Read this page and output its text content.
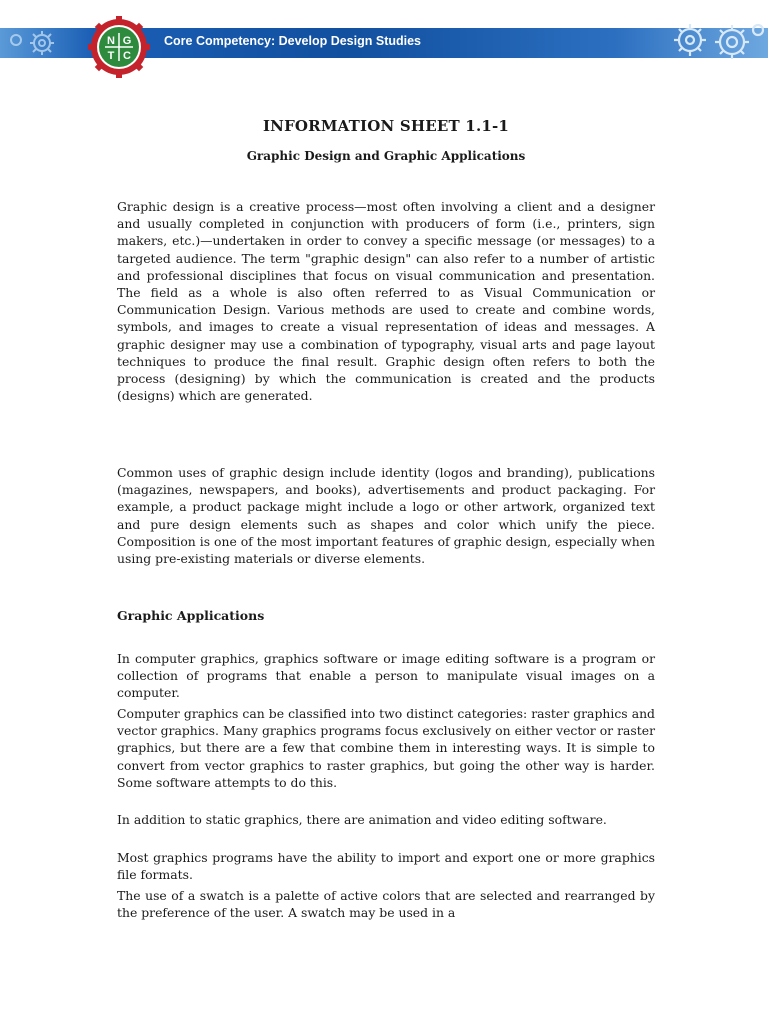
Core Competency: Develop Design Studies
N G
T C
INFORMATION SHEET 1.1-1
Graphic Design and Graphic Applications

Graphic design is a creative process—most often involving a client and a designer and usually completed in conjunction with producers of form (i.e., printers, sign makers, etc.)—undertaken in order to convey a specific message (or messages) to a targeted audience. The term "graphic design" can also refer to a number of artistic and professional disciplines that focus on visual communication and presentation. The field as a whole is also often referred to as Visual Communication or Communication Design. Various methods are used to create and combine words, symbols, and images to create a visual representation of ideas and messages. A graphic designer may use a combination of typography, visual arts and page layout techniques to produce the final result. Graphic design often refers to both the process (designing) by which the communication is created and the products (designs) which are generated.

Common uses of graphic design include identity (logos and branding), publications (magazines, newspapers, and books), advertisements and product packaging. For example, a product package might include a logo or other artwork, organized text and pure design elements such as shapes and color which unify the piece. Composition is one of the most important features of graphic design, especially when using pre-existing materials or diverse elements.

Graphic Applications

In computer graphics, graphics software or image editing software is a program or collection of programs that enable a person to manipulate visual images on a computer.

Computer graphics can be classified into two distinct categories: raster graphics and vector graphics. Many graphics programs focus exclusively on either vector or raster graphics, but there are a few that combine them in interesting ways. It is simple to convert from vector graphics to raster graphics, but going the other way is harder. Some software attempts to do this.

In addition to static graphics, there are animation and video editing software.

Most graphics programs have the ability to import and export one or more graphics file formats.

The use of a swatch is a palette of active colors that are selected and rearranged by the preference of the user. A swatch may be used in a
